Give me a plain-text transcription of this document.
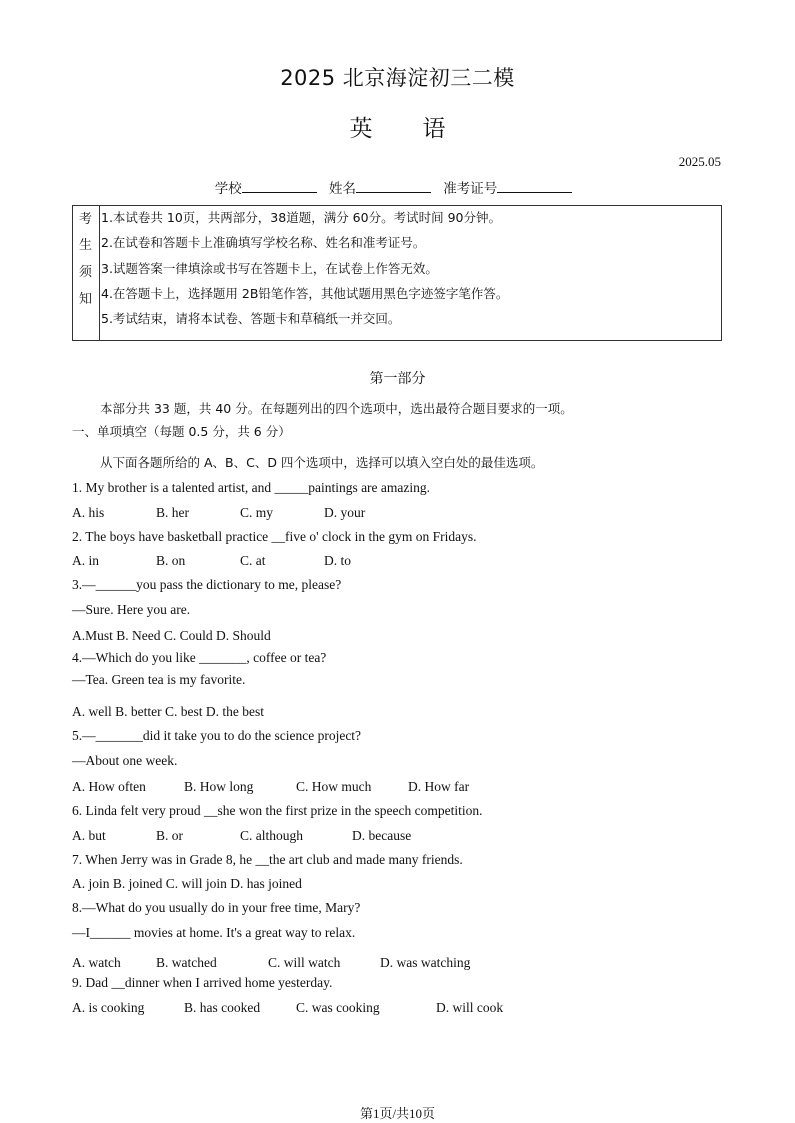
2025 北京海淀初三二模
英 语
2025.05
学校	姓名	准考证号
考
生
须
知
1.本试卷共 10页，共两部分，38道题，满分 60分。考试时间 90分钟。
2.在试卷和答题卡上准确填写学校名称、姓名和准考证号。
3.试题答案一律填涂或书写在答题卡上，在试卷上作答无效。
4.在答题卡上，选择题用 2B铅笔作答，其他试题用黑色字迹签字笔作答。
5.考试结束，请将本试卷、答题卡和草稿纸一并交回。
第一部分
本部分共 33 题，共 40 分。在每题列出的四个选项中，选出最符合题目要求的一项。
一、单项填空（每题 0.5 分，共 6 分）
从下面各题所给的 A、B、C、D 四个选项中，选择可以填入空白处的最佳选项。
1. My brother is a talented artist, and _____paintings are amazing.
A. his	B. her	C. my	D. your
2. The boys have basketball practice __five o' clock in the gym on Fridays.
A. in	B. on	C. at	D. to
3.—______you pass the dictionary to me, please?
—Sure. Here you are.
A.Must B. Need C. Could D. Should
4.—Which do you like _______, coffee or tea?
—Tea. Green tea is my favorite.
A. well B. better C. best D. the best
5.—_______did it take you to do the science project?
—About one week.
A. How often	B. How long	C. How much	D. How far
6. Linda felt very proud __she won the first prize in the speech competition.
A. but	B. or	C. although	D. because
7. When Jerry was in Grade 8, he __the art club and made many friends.
A. join B. joined C. will join D. has joined
8.—What do you usually do in your free time, Mary?
—I______ movies at home. It's a great way to relax.
A. watch	B. watched	C. will watch	D. was watching
9. Dad __dinner when I arrived home yesterday.
A. is cooking	B. has cooked	C. was cooking	D. will cook
第1页/共10页
